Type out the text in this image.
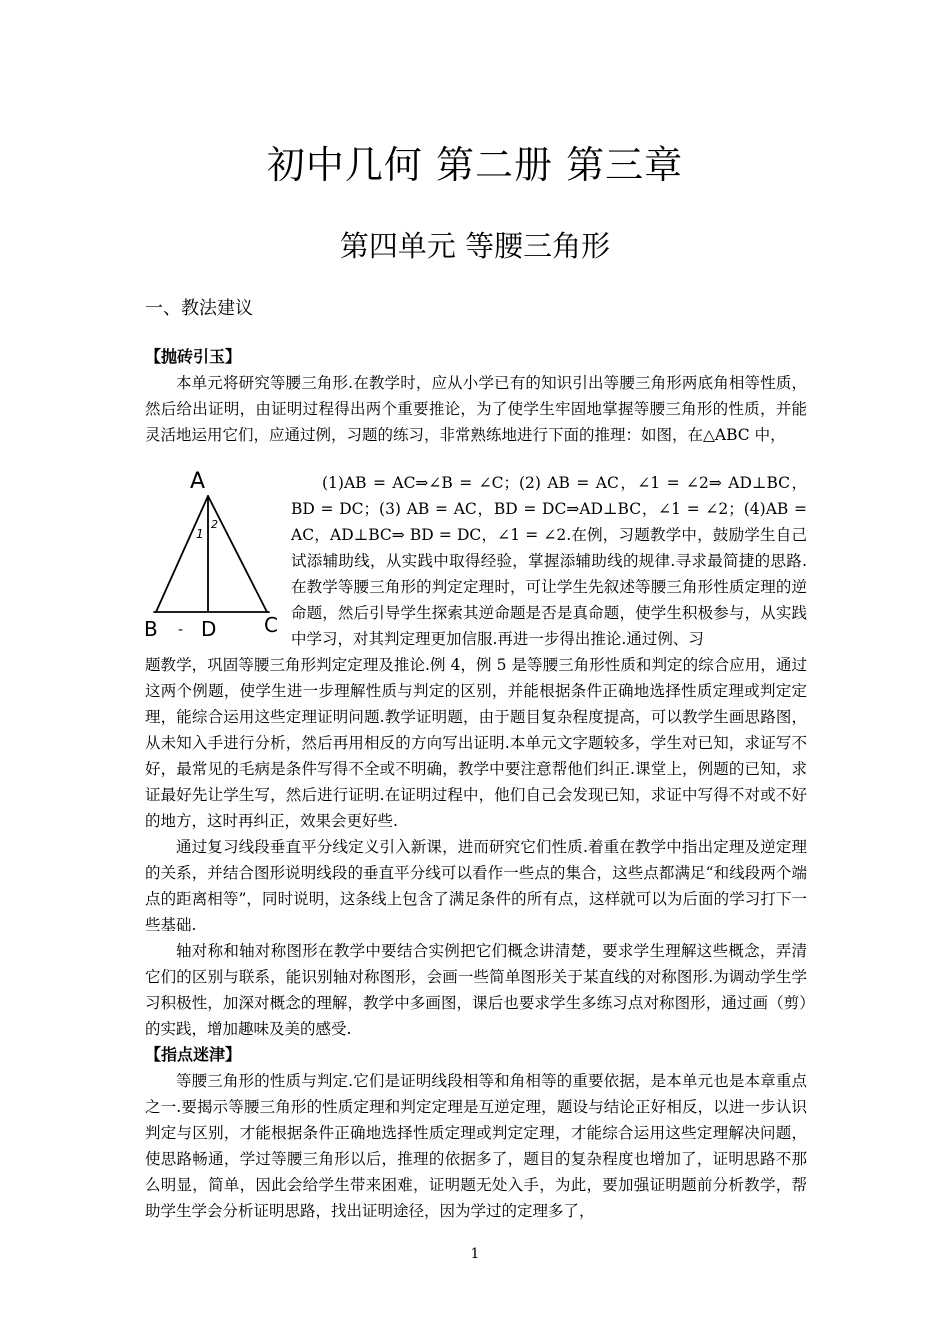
初中几何 第二册 第三章
第四单元 等腰三角形
一、教法建议
【抛砖引玉】

本单元将研究等腰三角形.在教学时，应从小学已有的知识引出等腰三角形两底角相等性质，然后给出证明，由证明过程得出两个重要推论，为了使学生牢固地掌握等腰三角形的性质，并能灵活地运用它们，应通过例，习题的练习，非常熟练地进行下面的推理：如图，在△ABC 中，

A
B	C
D
1
2
-

(1)AB = AC⇒∠B = ∠C；(2) AB = AC，∠1 = ∠2⇒ AD⊥BC，BD = DC；(3) AB = AC，BD = DC⇒AD⊥BC，∠1 = ∠2；(4)AB = AC，AD⊥BC⇒ BD = DC，∠1 = ∠2.在例，习题教学中，鼓励学生自己试添辅助线，从实践中取得经验，掌握添辅助线的规律.寻求最简捷的思路.在教学等腰三角形的判定定理时，可让学生先叙述等腰三角形性质定理的逆命题，然后引导学生探索其逆命题是否是真命题，使学生积极参与，从实践中学习，对其判定理更加信服.再进一步得出推论.通过例、习

题教学，巩固等腰三角形判定定理及推论.例 4，例 5 是等腰三角形性质和判定的综合应用，通过这两个例题，使学生进一步理解性质与判定的区别，并能根据条件正确地选择性质定理或判定定理，能综合运用这些定理证明问题.教学证明题，由于题目复杂程度提高，可以教学生画思路图，从未知入手进行分析，然后再用相反的方向写出证明.本单元文字题较多，学生对已知，求证写不好，最常见的毛病是条件写得不全或不明确，教学中要注意帮他们纠正.课堂上，例题的已知，求证最好先让学生写，然后进行证明.在证明过程中，他们自己会发现已知，求证中写得不对或不好的地方，这时再纠正，效果会更好些.

通过复习线段垂直平分线定义引入新课，进而研究它们性质.着重在教学中指出定理及逆定理的关系，并结合图形说明线段的垂直平分线可以看作一些点的集合，这些点都满足“和线段两个端点的距离相等”，同时说明，这条线上包含了满足条件的所有点，这样就可以为后面的学习打下一些基础.

轴对称和轴对称图形在教学中要结合实例把它们概念讲清楚，要求学生理解这些概念，弄清它们的区别与联系，能识别轴对称图形，会画一些简单图形关于某直线的对称图形.为调动学生学习积极性，加深对概念的理解，教学中多画图，课后也要求学生多练习点对称图形，通过画（剪）的实践，增加趣味及美的感受.

【指点迷津】

等腰三角形的性质与判定.它们是证明线段相等和角相等的重要依据，是本单元也是本章重点之一.要揭示等腰三角形的性质定理和判定定理是互逆定理，题设与结论正好相反，以进一步认识判定与区别，才能根据条件正确地选择性质定理或判定定理，才能综合运用这些定理解决问题，使思路畅通，学过等腰三角形以后，推理的依据多了，题目的复杂程度也增加了，证明思路不那么明显，简单，因此会给学生带来困难，证明题无处入手，为此，要加强证明题前分析教学，帮助学生学会分析证明思路，找出证明途径，因为学过的定理多了，

1
